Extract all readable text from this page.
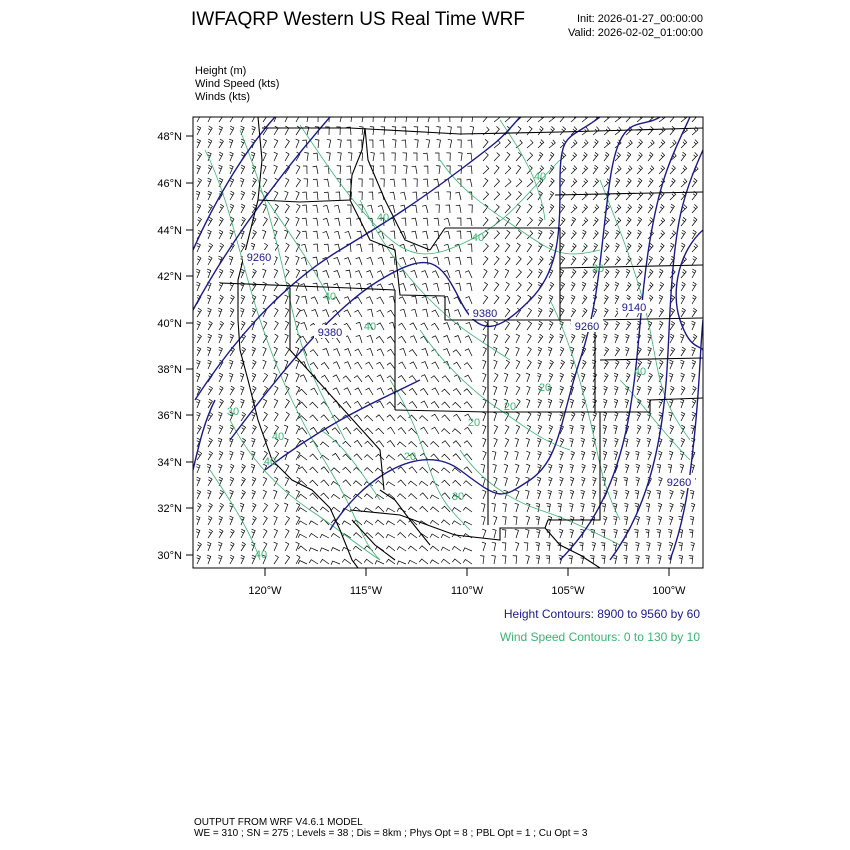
IWFAQRP Western US Real Time WRF	Init: 2026-01-27_00:00:00
Valid: 2026-02-02_01:00:00
Height (m)
Wind Speed (kts)
Winds (kts)
48°N
46°N
44°N
42°N
40°N
38°N
36°N
34°N
32°N
30°N
120°W	115°W	110°W	105°W	100°W
9260
9380
9380
9260
9140
9260
40
40
40
30
40
20
20
30
30
20
40
40
40
40
20
40
Height Contours: 8900 to 9560 by 60
Wind Speed Contours: 0 to 130 by 10
OUTPUT FROM WRF V4.6.1 MODEL
WE = 310 ; SN = 275 ; Levels = 38 ; Dis = 8km ; Phys Opt = 8 ; PBL Opt = 1 ; Cu Opt = 3
